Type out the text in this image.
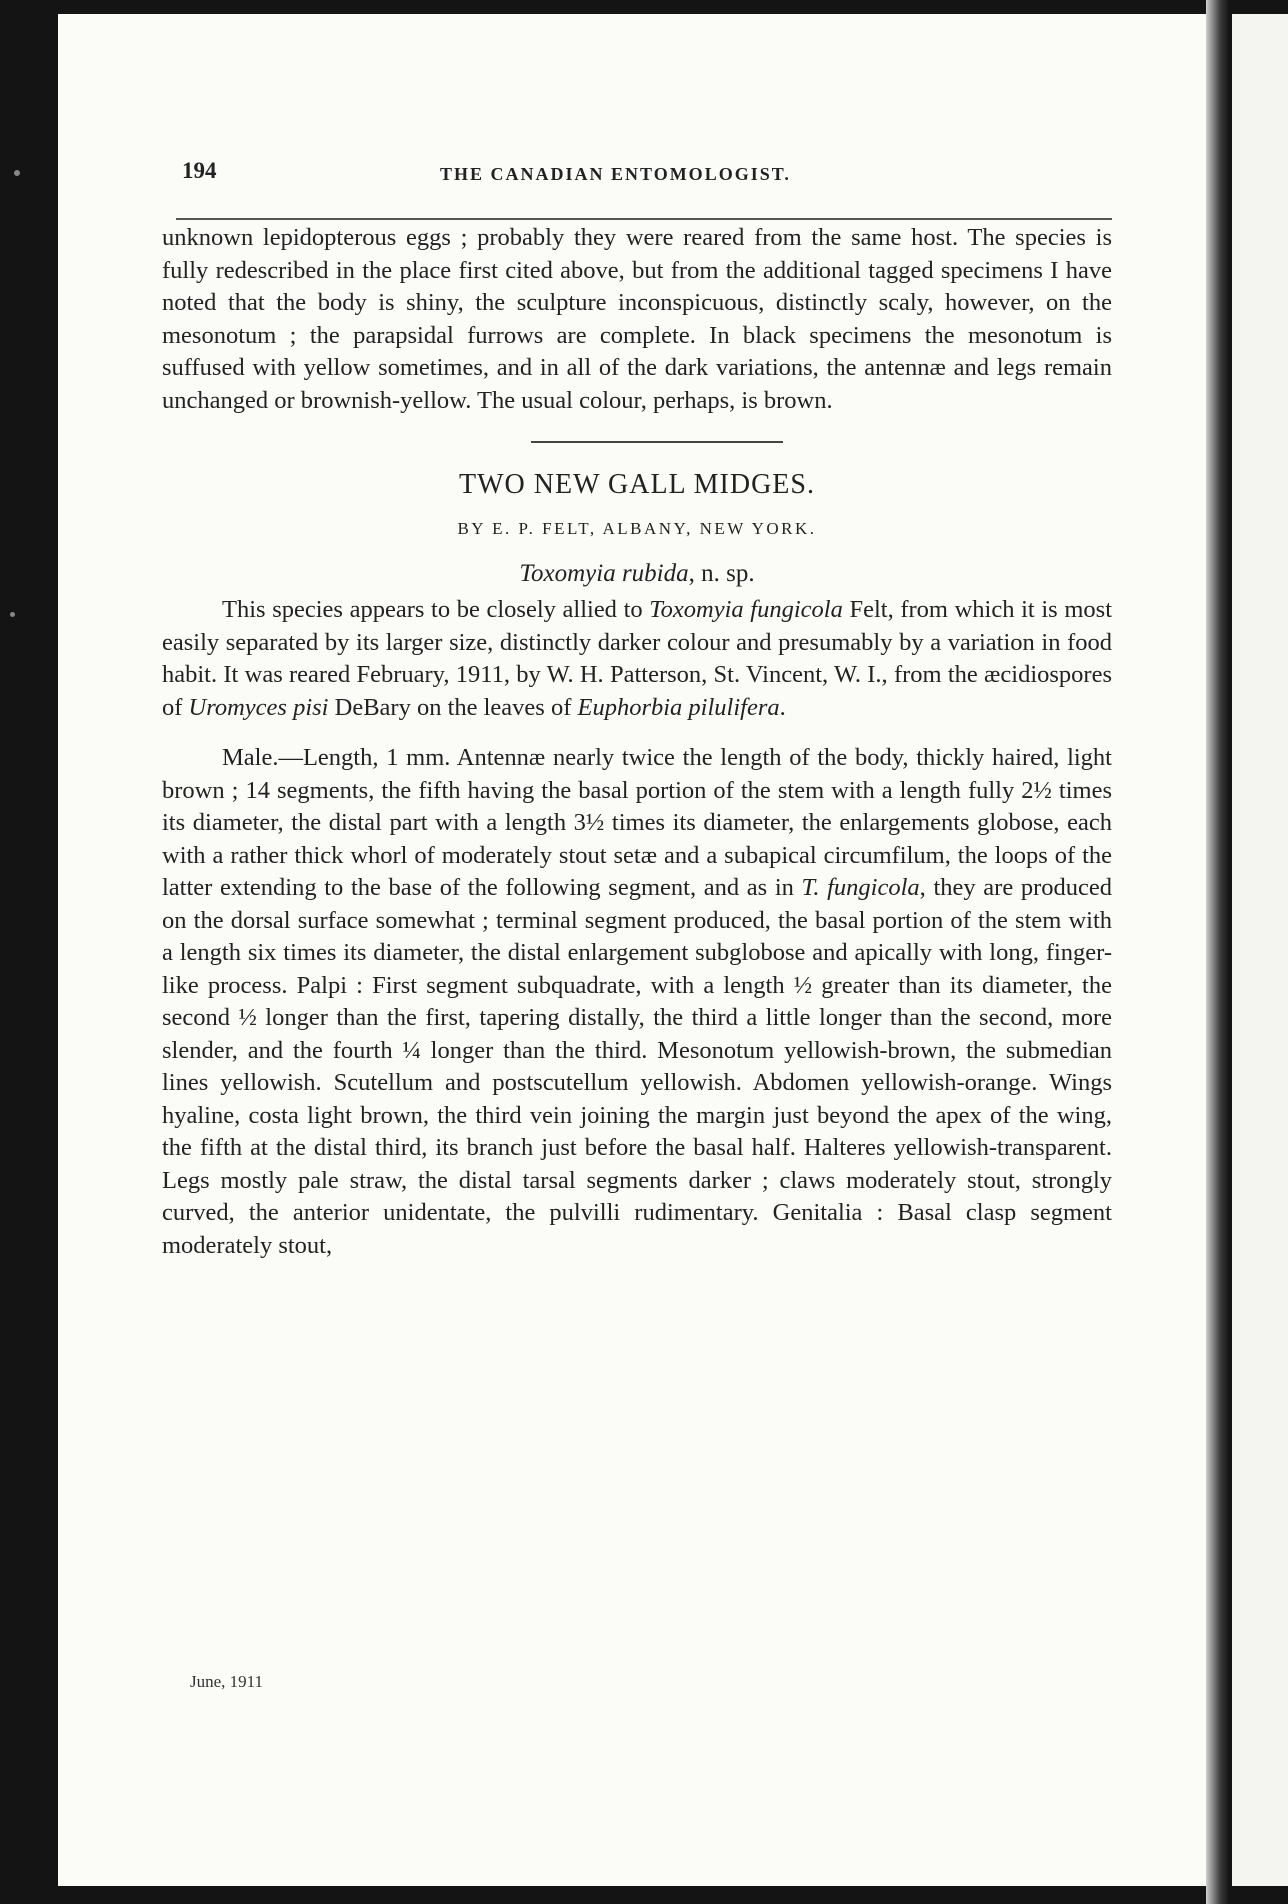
194	THE CANADIAN ENTOMOLOGIST.

unknown lepidopterous eggs ; probably they were reared from the same host. The species is fully redescribed in the place first cited above, but from the additional tagged specimens I have noted that the body is shiny, the sculpture inconspicuous, distinctly scaly, however, on the mesonotum ; the parapsidal furrows are complete. In black specimens the mesonotum is suffused with yellow sometimes, and in all of the dark variations, the antennæ and legs remain unchanged or brownish-yellow. The usual colour, perhaps, is brown.

TWO NEW GALL MIDGES.
BY E. P. FELT, ALBANY, NEW YORK.
Toxomyia rubida, n. sp.

This species appears to be closely allied to Toxomyia fungicola Felt, from which it is most easily separated by its larger size, distinctly darker colour and presumably by a variation in food habit. It was reared February, 1911, by W. H. Patterson, St. Vincent, W. I., from the æcidiospores of Uromyces pisi DeBary on the leaves of Euphorbia pilulifera.

Male.—Length, 1 mm. Antennæ nearly twice the length of the body, thickly haired, light brown ; 14 segments, the fifth having the basal portion of the stem with a length fully 2½ times its diameter, the distal part with a length 3½ times its diameter, the enlargements globose, each with a rather thick whorl of moderately stout setæ and a subapical circumfilum, the loops of the latter extending to the base of the following segment, and as in T. fungicola, they are produced on the dorsal surface somewhat ; terminal segment produced, the basal portion of the stem with a length six times its diameter, the distal enlargement subglobose and apically with long, finger-like process. Palpi : First segment subquadrate, with a length ½ greater than its diameter, the second ½ longer than the first, tapering distally, the third a little longer than the second, more slender, and the fourth ¼ longer than the third. Mesonotum yellowish-brown, the submedian lines yellowish. Scutellum and postscutellum yellowish. Abdomen yellowish-orange. Wings hyaline, costa light brown, the third vein joining the margin just beyond the apex of the wing, the fifth at the distal third, its branch just before the basal half. Halteres yellowish-transparent. Legs mostly pale straw, the distal tarsal segments darker ; claws moderately stout, strongly curved, the anterior unidentate, the pulvilli rudimentary. Genitalia : Basal clasp segment moderately stout,

June, 1911
